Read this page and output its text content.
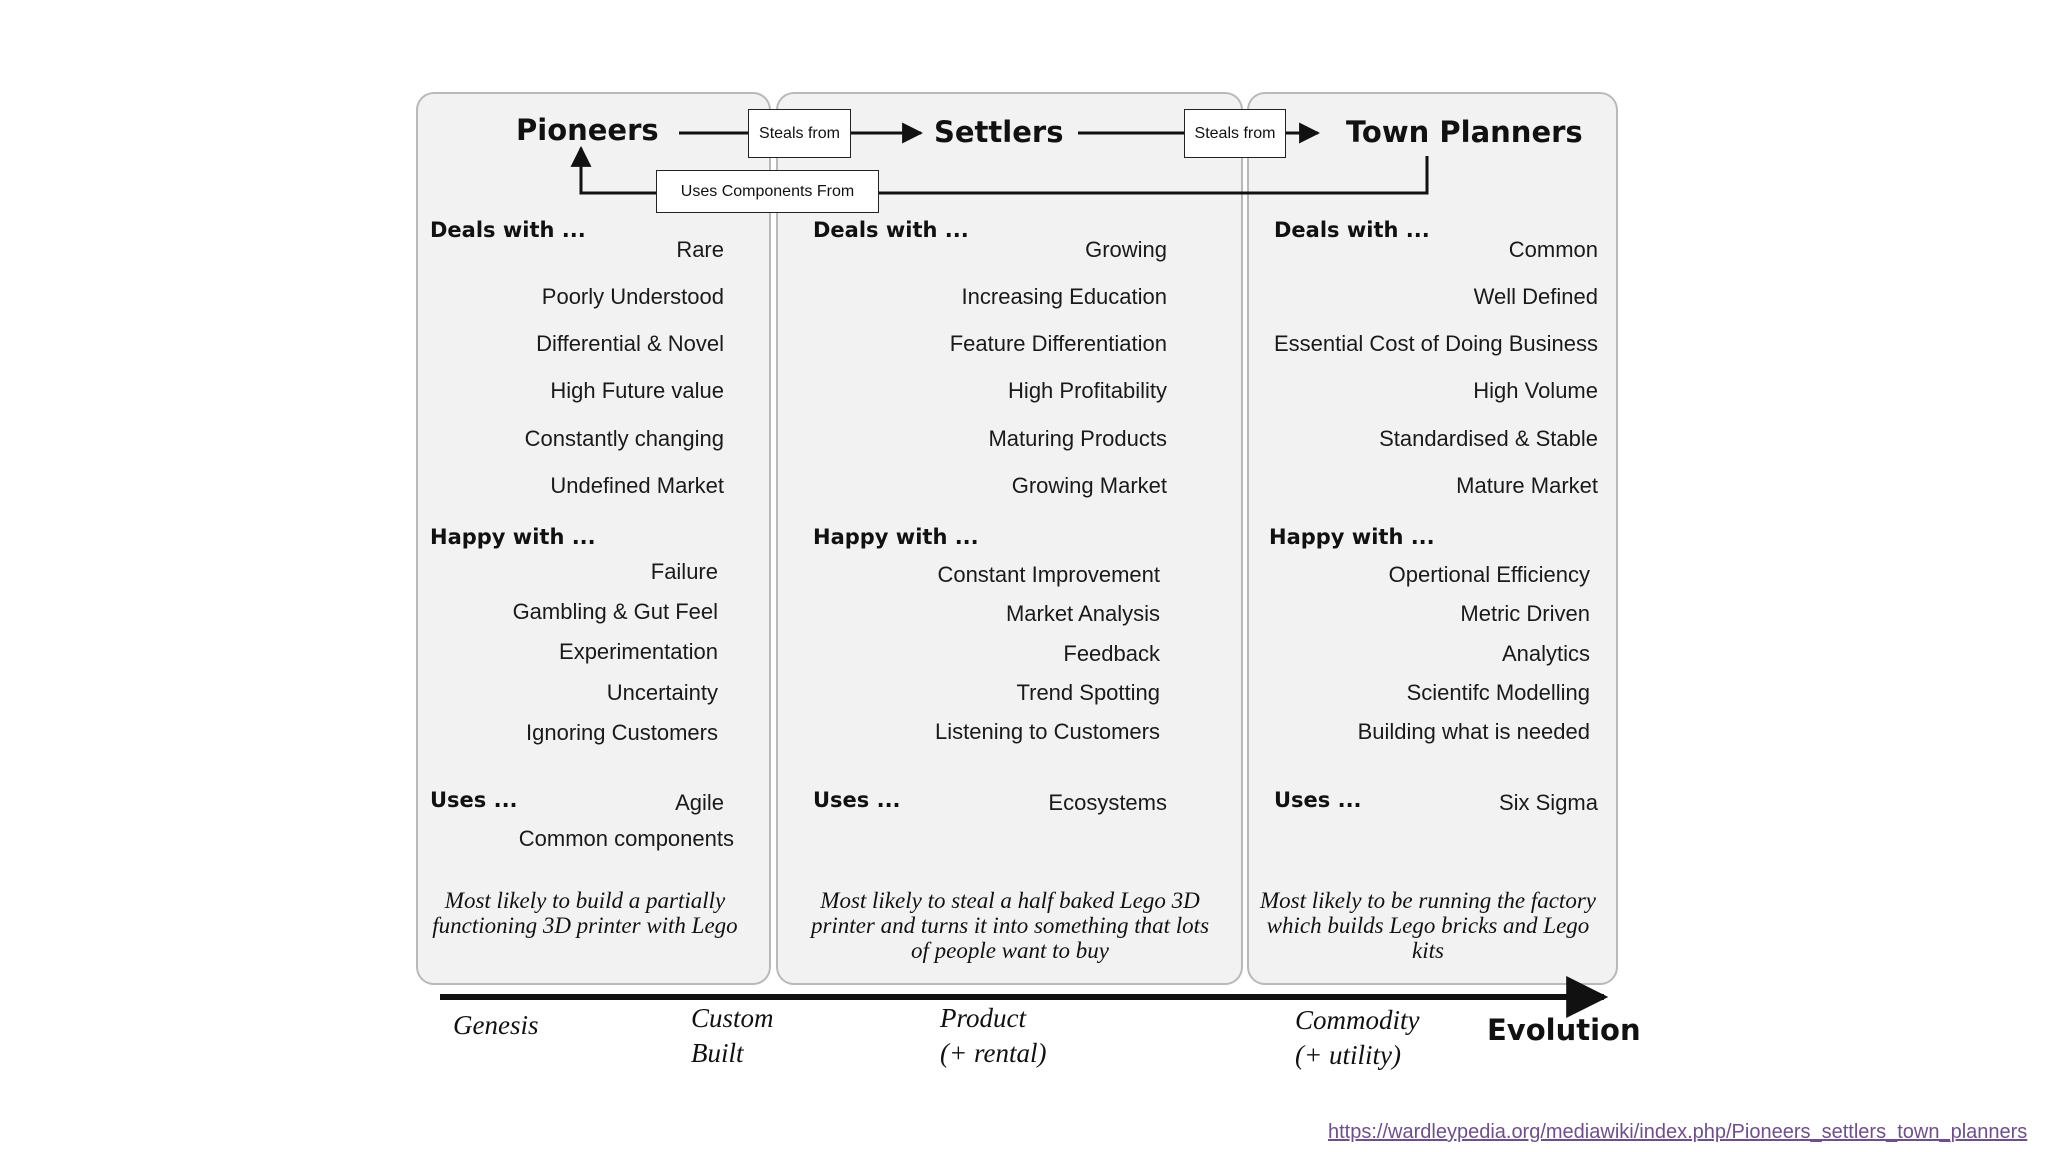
Steals from	Steals from
Uses Components From
Pioneers	Settlers	Town Planners
Deals with ...
Rare
Poorly Understood
Differential & Novel
High Future value
Constantly changing
Undefined Market
Happy with ...
Failure
Gambling & Gut Feel
Experimentation
Uncertainty
Ignoring Customers
Uses ...	Agile
Common components
Most likely to build a partially functioning 3D printer with Lego
Deals with ...
Growing
Increasing Education
Feature Differentiation
High Profitability
Maturing Products
Growing Market
Happy with ...
Constant Improvement
Market Analysis
Feedback
Trend Spotting
Listening to Customers
Uses ...	Ecosystems
Most likely to steal a half baked Lego 3D printer and turns it into something that lots of people want to buy
Deals with ...
Common
Well Defined
Essential Cost of Doing Business
High Volume
Standardised & Stable
Mature Market
Happy with ...
Opertional Efficiency
Metric Driven
Analytics
Scientifc Modelling
Building what is needed
Uses ...	Six Sigma
Most likely to be running the factory which builds Lego bricks and Lego kits
Genesis	Custom
Built
Product
(+ rental)
Commodity
(+ utility)
Evolution
https://wardleypedia.org/mediawiki/index.php/Pioneers_settlers_town_planners
